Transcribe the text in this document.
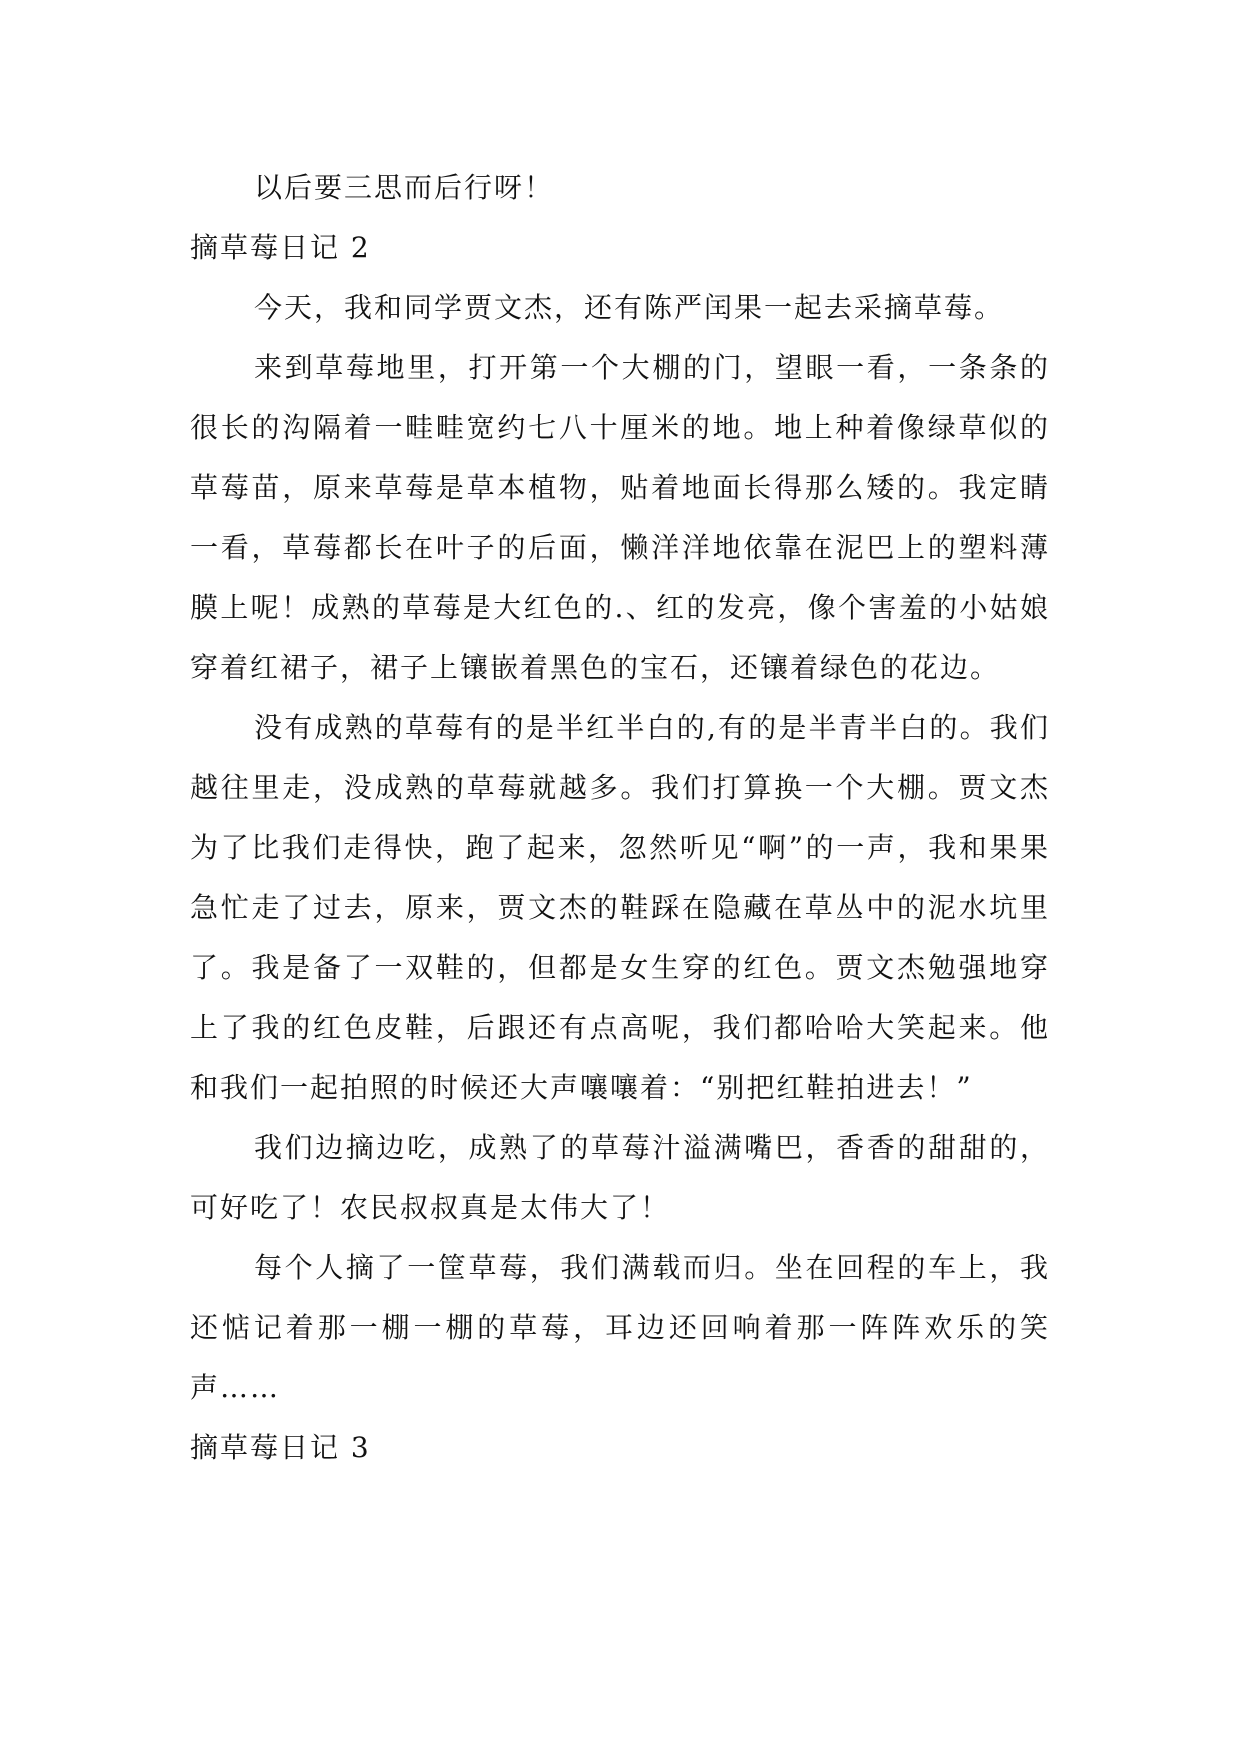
以后要三思而后行呀！

摘草莓日记 2

今天，我和同学贾文杰，还有陈严闰果一起去采摘草莓。

来到草莓地里，打开第一个大棚的门，望眼一看，一条条的很长的沟隔着一畦畦宽约七八十厘米的地。地上种着像绿草似的草莓苗，原来草莓是草本植物，贴着地面长得那么矮的。我定睛一看，草莓都长在叶子的后面，懒洋洋地依靠在泥巴上的塑料薄膜上呢！成熟的草莓是大红色的.、红的发亮，像个害羞的小姑娘穿着红裙子，裙子上镶嵌着黑色的宝石，还镶着绿色的花边。

没有成熟的草莓有的是半红半白的,有的是半青半白的。我们越往里走，没成熟的草莓就越多。我们打算换一个大棚。贾文杰为了比我们走得快，跑了起来，忽然听见“啊”的一声，我和果果急忙走了过去，原来，贾文杰的鞋踩在隐藏在草丛中的泥水坑里了。我是备了一双鞋的，但都是女生穿的红色。贾文杰勉强地穿上了我的红色皮鞋，后跟还有点高呢，我们都哈哈大笑起来。他和我们一起拍照的时候还大声嚷嚷着：“别把红鞋拍进去！”

我们边摘边吃，成熟了的草莓汁溢满嘴巴，香香的甜甜的，可好吃了！农民叔叔真是太伟大了！

每个人摘了一筐草莓，我们满载而归。坐在回程的车上，我还惦记着那一棚一棚的草莓，耳边还回响着那一阵阵欢乐的笑声……

摘草莓日记 3
